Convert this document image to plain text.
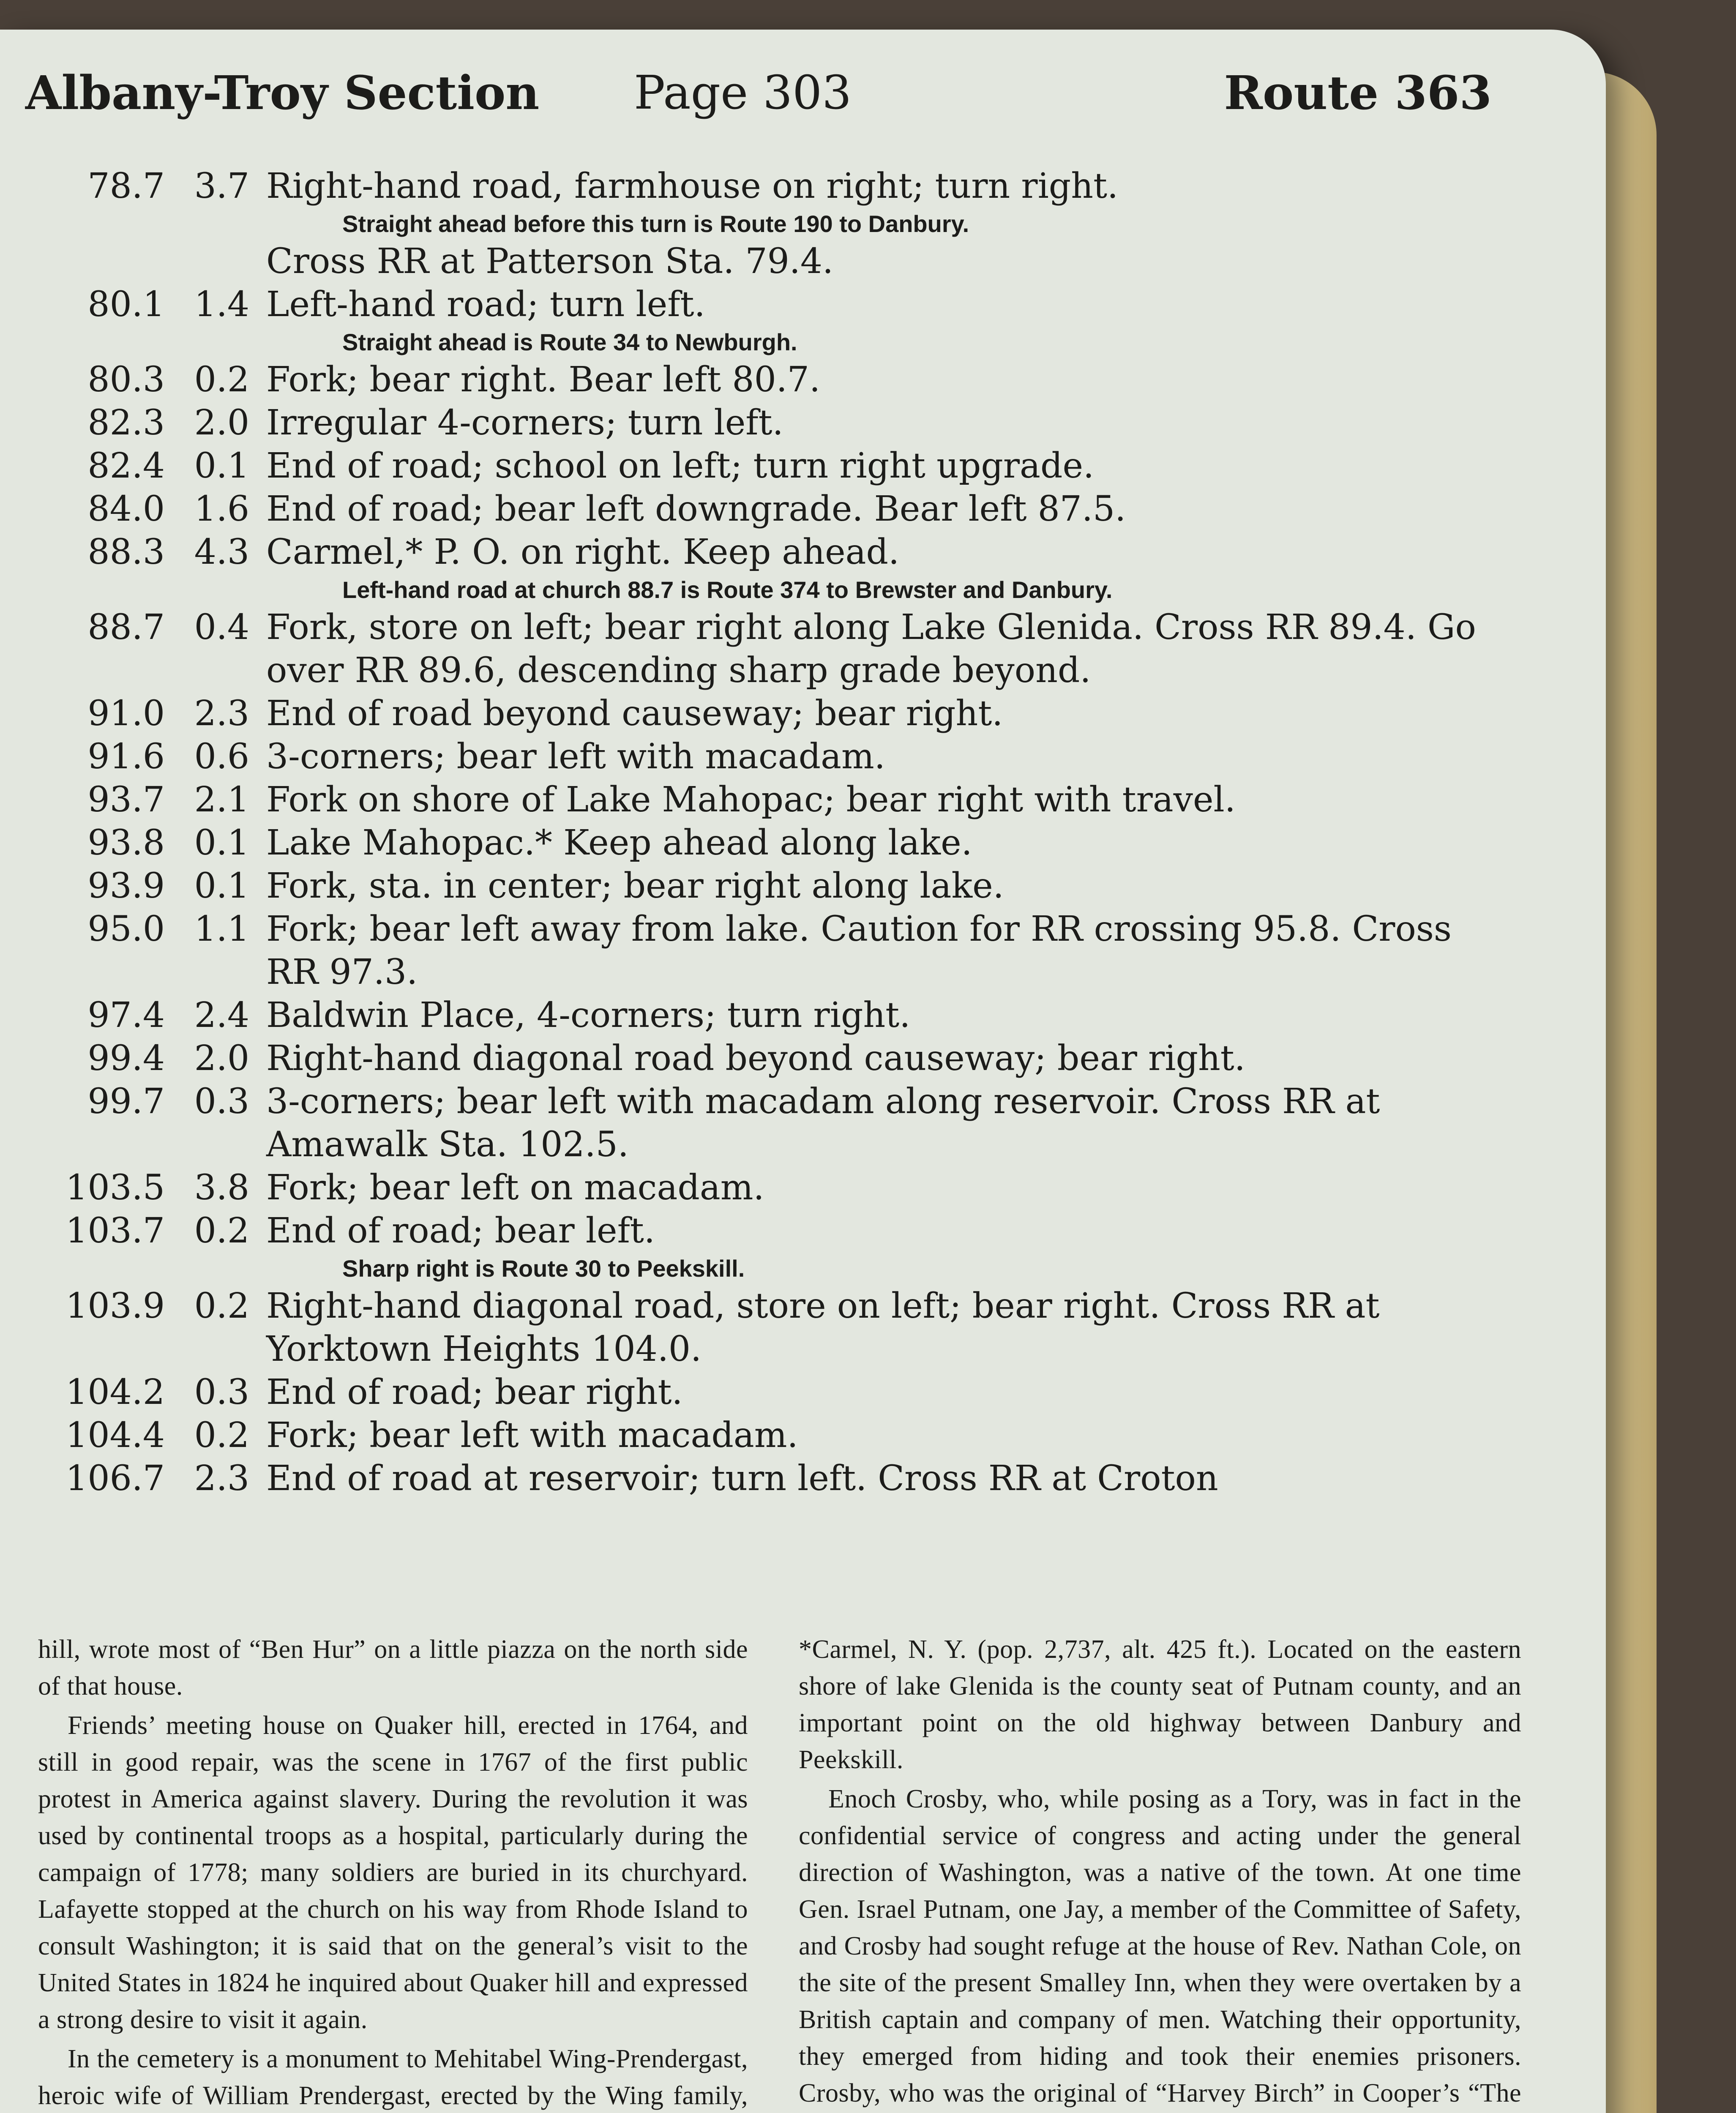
Albany-Troy Section Page 303	Route 363
78.7 3.7 Right-hand road, farmhouse on right; turn right.
Straight ahead before this turn is Route 190 to Danbury.
Cross RR at Patterson Sta. 79.4.
80.1 1.4 Left-hand road; turn left.
Straight ahead is Route 34 to Newburgh.
80.3 0.2 Fork; bear right. Bear left 80.7.
82.3 2.0 Irregular 4-corners; turn left.
82.4 0.1 End of road; school on left; turn right upgrade.
84.0 1.6 End of road; bear left downgrade. Bear left 87.5.
88.3 4.3 Carmel,* P. O. on right. Keep ahead.
Left-hand road at church 88.7 is Route 374 to Brewster and Danbury.
88.7 0.4 Fork, store on left; bear right along Lake Glenida. Cross RR 89.4. Go over RR 89.6, descending sharp grade beyond.
91.0 2.3 End of road beyond causeway; bear right.
91.6 0.6 3-corners; bear left with macadam.
93.7 2.1 Fork on shore of Lake Mahopac; bear right with travel.
93.8 0.1 Lake Mahopac.* Keep ahead along lake.
93.9 0.1 Fork, sta. in center; bear right along lake.
95.0 1.1 Fork; bear left away from lake. Caution for RR crossing 95.8. Cross RR 97.3.
97.4 2.4 Baldwin Place, 4-corners; turn right.
99.4 2.0 Right-hand diagonal road beyond causeway; bear right.
99.7 0.3 3-corners; bear left with macadam along reservoir. Cross RR at Amawalk Sta. 102.5.
103.5 3.8 Fork; bear left on macadam.
103.7 0.2 End of road; bear left.
Sharp right is Route 30 to Peekskill.
103.9 0.2 Right-hand diagonal road, store on left; bear right. Cross RR at Yorktown Heights 104.0.
104.2 0.3 End of road; bear right.
104.4 0.2 Fork; bear left with macadam.
106.7 2.3 End of road at reservoir; turn left. Cross RR at Croton

hill, wrote most of “Ben Hur” on a little piazza on the north side of that house.

Friends’ meeting house on Quaker hill, erected in 1764, and still in good repair, was the scene in 1767 of the first public protest in America against slavery. During the revolution it was used by continental troops as a hospital, particularly during the campaign of 1778; many soldiers are buried in its churchyard. Lafayette stopped at the church on his way from Rhode Island to consult Washington; it is said that on the general’s visit to the United States in 1824 he inquired about Quaker hill and expressed a strong desire to visit it again.

In the cemetery is a monument to Mehitabel Wing-Prendergast, heroic wife of William Prendergast, erected by the Wing family,

*Carmel, N. Y. (pop. 2,737, alt. 425 ft.). Located on the eastern shore of lake Glenida is the county seat of Putnam county, and an important point on the old highway between Danbury and Peekskill.

Enoch Crosby, who, while posing as a Tory, was in fact in the confidential service of congress and acting under the general direction of Washington, was a native of the town. At one time Gen. Israel Putnam, one Jay, a member of the Committee of Safety, and Crosby had sought refuge at the house of Rev. Nathan Cole, on the site of the present Smalley Inn, when they were overtaken by a British captain and company of men. Watching their opportunity, they emerged from hiding and took their enemies prisoners. Crosby, who was the original of “Harvey Birch” in Cooper’s “The
